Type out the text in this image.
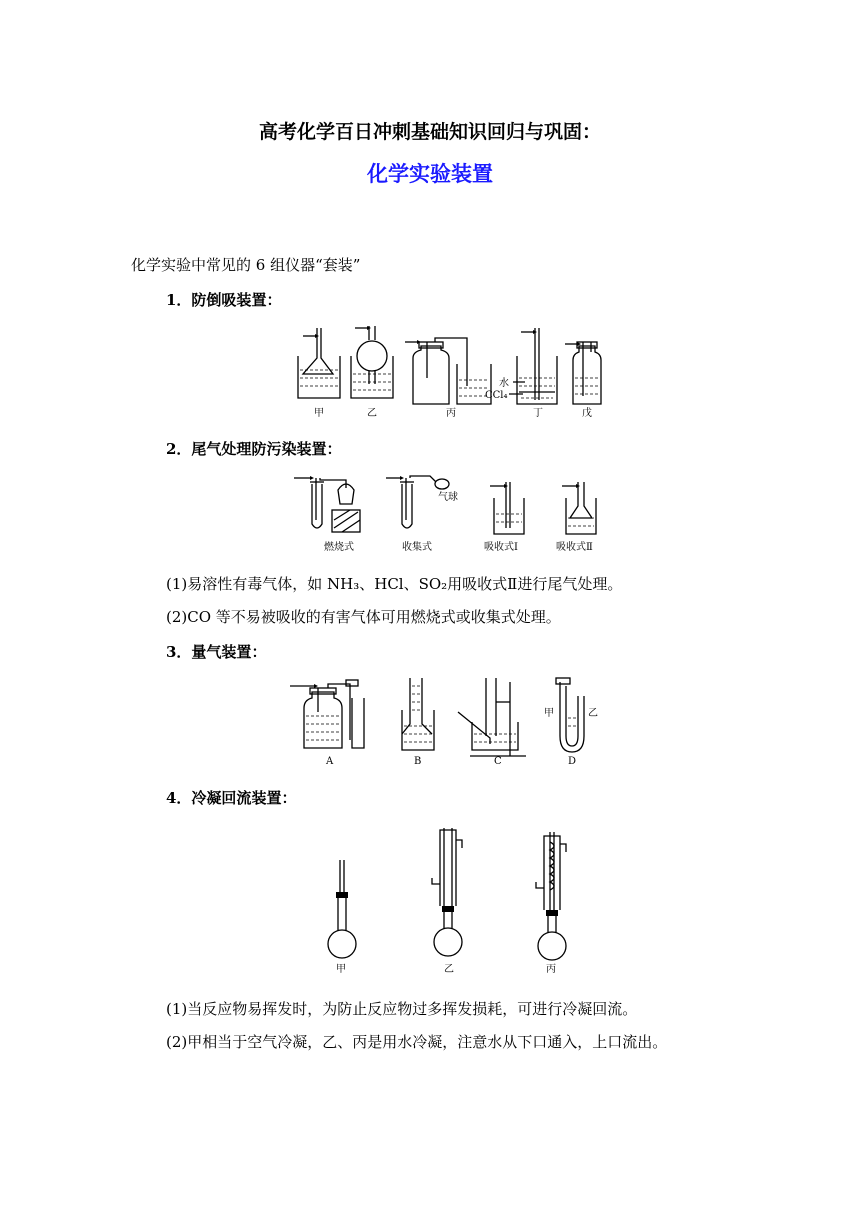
高考化学百日冲刺基础知识回归与巩固：
化学实验装置
化学实验中常见的 6 组仪器“套装”
1．防倒吸装置：
水
CCl₄
甲	乙	丙	丁	戊
2．尾气处理防污染装置：
气球
燃烧式	收集式	吸收式Ⅰ	吸收式Ⅱ
(1)易溶性有毒气体，如 NH₃、HCl、SO₂用吸收式Ⅱ进行尾气处理。
(2)CO 等不易被吸收的有害气体可用燃烧式或收集式处理。
3．量气装置：
甲	乙
A	B	C	D
4．冷凝回流装置：
甲	乙	丙
(1)当反应物易挥发时，为防止反应物过多挥发损耗，可进行冷凝回流。
(2)甲相当于空气冷凝，乙、丙是用水冷凝，注意水从下口通入，上口流出。
